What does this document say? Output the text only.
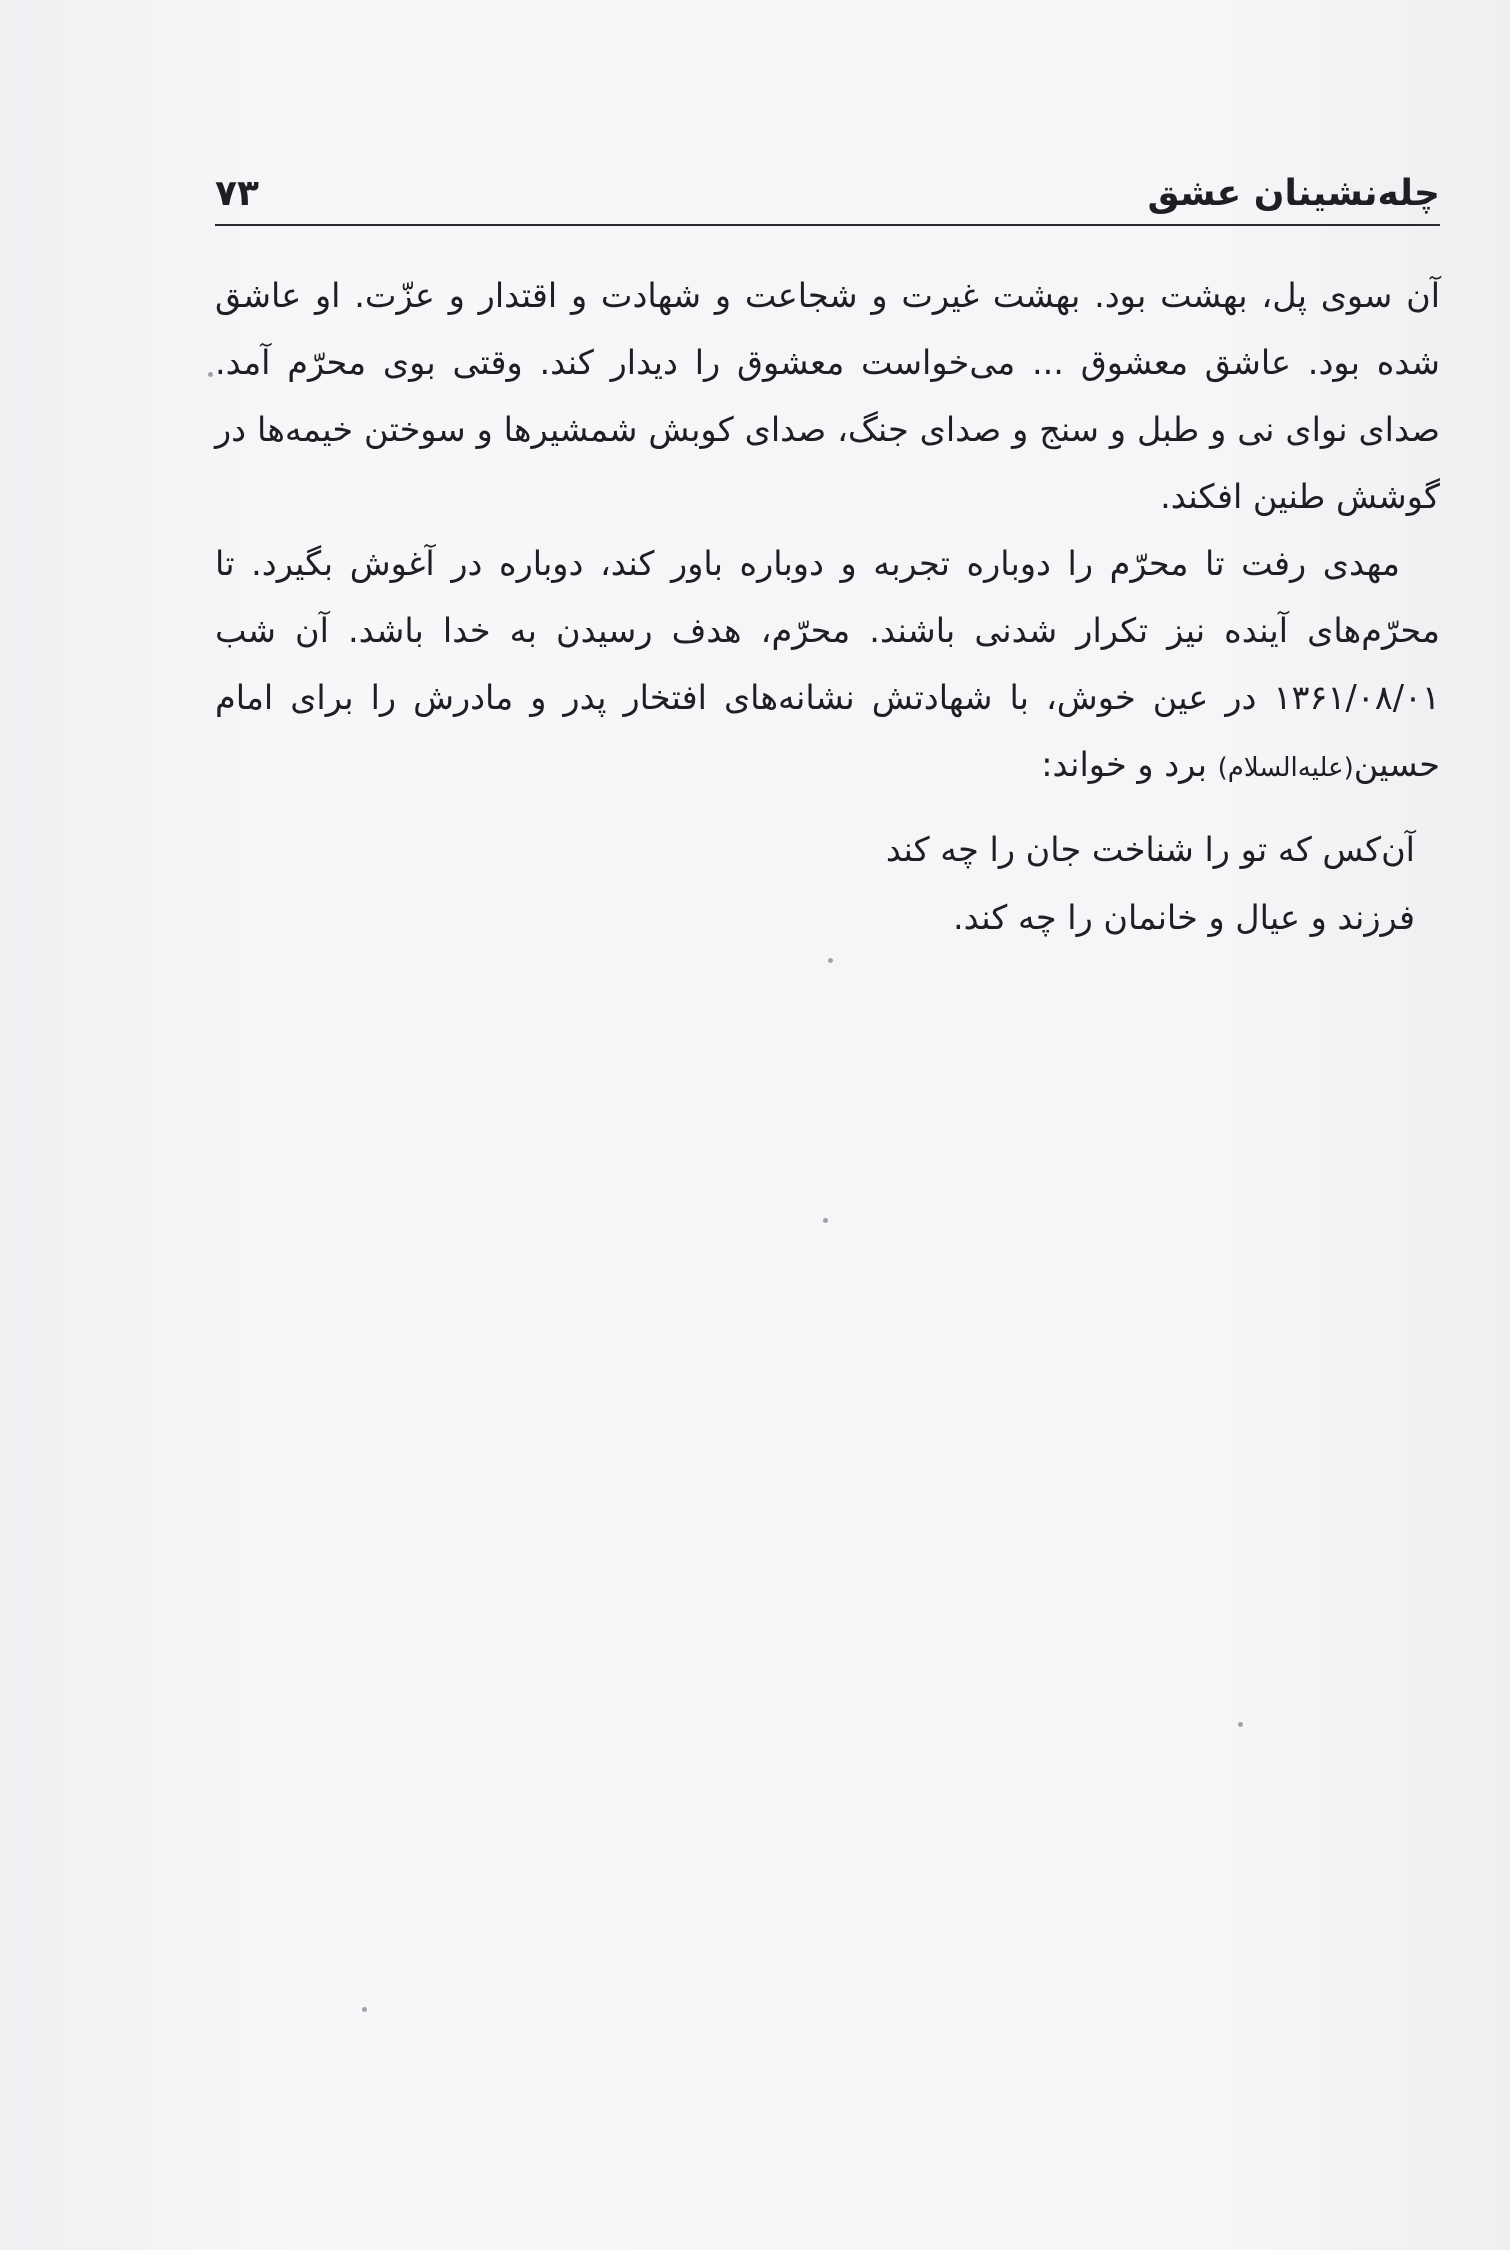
چله‌نشینان عشق
۷۳

آن سوی پل، بهشت بود. بهشت غیرت و شجاعت و شهادت و اقتدار و عزّت. او عاشق شده بود. عاشق معشوق ... می‌خواست معشوق را دیدار کند. وقتی بوی محرّم آمد. صدای نوای نی و طبل و سنج و صدای جنگ، صدای کوبش شمشیرها و سوختن خیمه‌ها در گوشش طنین افکند.

مهدی رفت تا محرّم را دوباره تجربه و دوباره باور کند، دوباره در آغوش بگیرد. تا محرّم‌های آینده نیز تکرار شدنی باشند. محرّم، هدف رسیدن به خدا باشد. آن شب ۱۳۶۱/۰۸/۰۱ در عین خوش، با شهادتش نشانه‌های افتخار پدر و مادرش را برای امام حسین(علیه‌السلام) برد و خواند:

آن‌کس که تو را شناخت جان را چه کند
فرزند و عیال و خانمان را چه کند.
